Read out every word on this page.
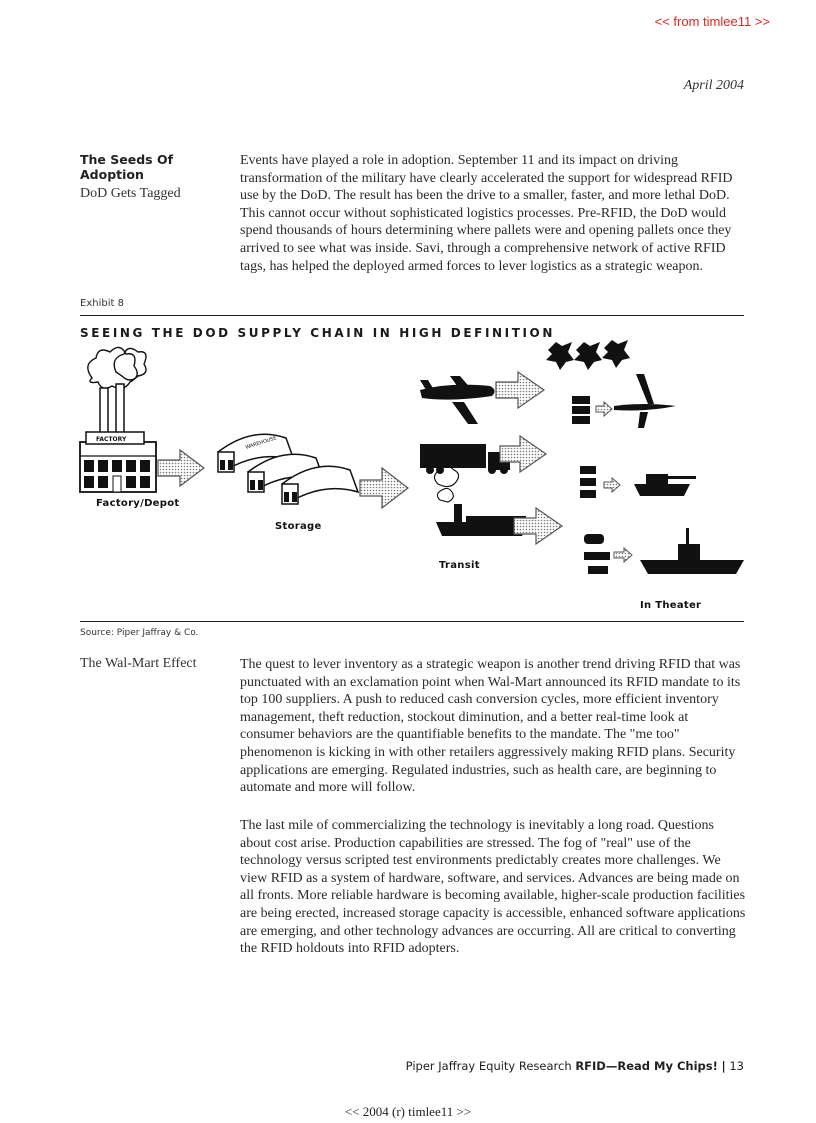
<< from timlee11 >>
April 2004
The Seeds Of Adoption
DoD Gets Tagged

Events have played a role in adoption. September 11 and its impact on driving transformation of the military have clearly accelerated the support for widespread RFID use by the DoD. The result has been the drive to a smaller, faster, and more lethal DoD. This cannot occur without sophisticated logistics processes. Pre-RFID, the DoD would spend thousands of hours determining where pallets were and opening pallets once they arrived to see what was inside. Savi, through a comprehensive network of active RFID tags, has helped the deployed armed forces to lever logistics as a strategic weapon.

Exhibit 8
SEEING THE DOD SUPPLY CHAIN IN HIGH DEFINITION
FACTORY	WAREHOUSE
Factory/Depot
Storage
Transit
In Theater
Source: Piper Jaffray & Co.
The Wal-Mart Effect	The quest to lever inventory as a strategic weapon is another trend driving RFID that was punctuated with an exclamation point when Wal-Mart announced its RFID mandate to its top 100 suppliers. A push to reduced cash conversion cycles, more efficient inventory management, theft reduction, stockout diminution, and a better real-time look at consumer behaviors are the quantifiable benefits to the mandate. The "me too" phenomenon is kicking in with other retailers aggressively making RFID plans. Security applications are emerging. Regulated industries, such as health care, are beginning to automate and more will follow.

The last mile of commercializing the technology is inevitably a long road. Questions about cost arise. Production capabilities are stressed. The fog of "real" use of the technology versus scripted test environments predictably creates more challenges. We view RFID as a system of hardware, software, and services. Advances are being made on all fronts. More reliable hardware is becoming available, higher-scale production facilities are being erected, increased storage capacity is accessible, enhanced software applications are emerging, and other technology advances are occurring. All are critical to converting the RFID holdouts into RFID adopters.

Piper Jaffray Equity Research RFID—Read My Chips! | 13
<< 2004 (r) timlee11 >>
